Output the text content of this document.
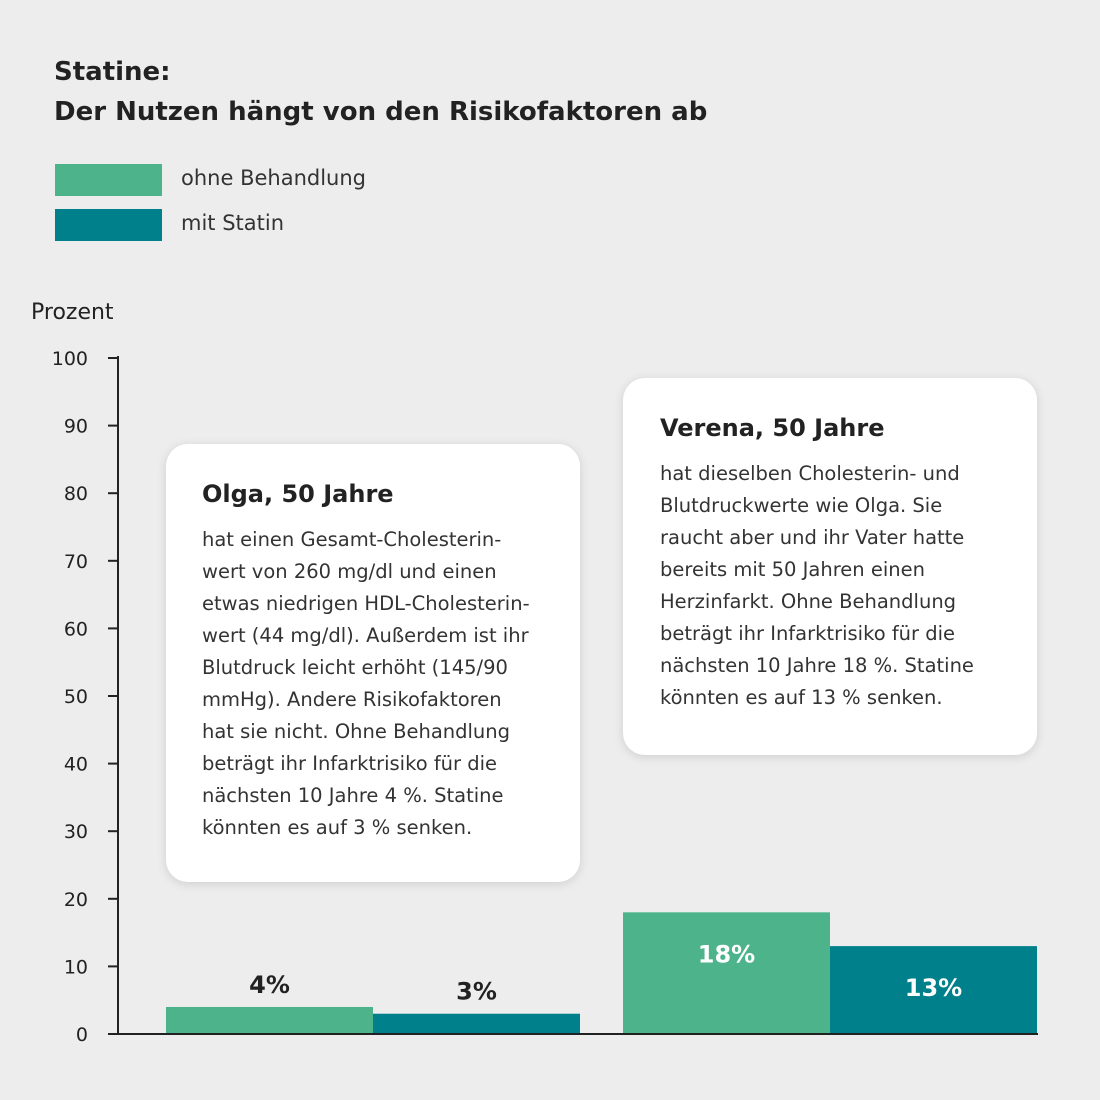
Statine:
Der Nutzen hängt von den Risikofaktoren ab
ohne Behandlung
mit Statin
Prozent
0
10
20
30
40
50
60
70
80
90
100
4%
18%
3%	13%
Olga, 50 Jahre
hat einen Gesamt-Cholesterin-
wert von 260 mg/dl und einen
etwas niedrigen HDL-Cholesterin-
wert (44 mg/dl). Außerdem ist ihr
Blutdruck leicht erhöht (145/90
mmHg). Andere Risikofaktoren
hat sie nicht. Ohne Behandlung
beträgt ihr Infarktrisiko für die
nächsten 10 Jahre 4 %. Statine
könnten es auf 3 % senken.
Verena, 50 Jahre
hat dieselben Cholesterin- und
Blutdruckwerte wie Olga. Sie
raucht aber und ihr Vater hatte
bereits mit 50 Jahren einen
Herzinfarkt. Ohne Behandlung
beträgt ihr Infarktrisiko für die
nächsten 10 Jahre 18 %. Statine
könnten es auf 13 % senken.
